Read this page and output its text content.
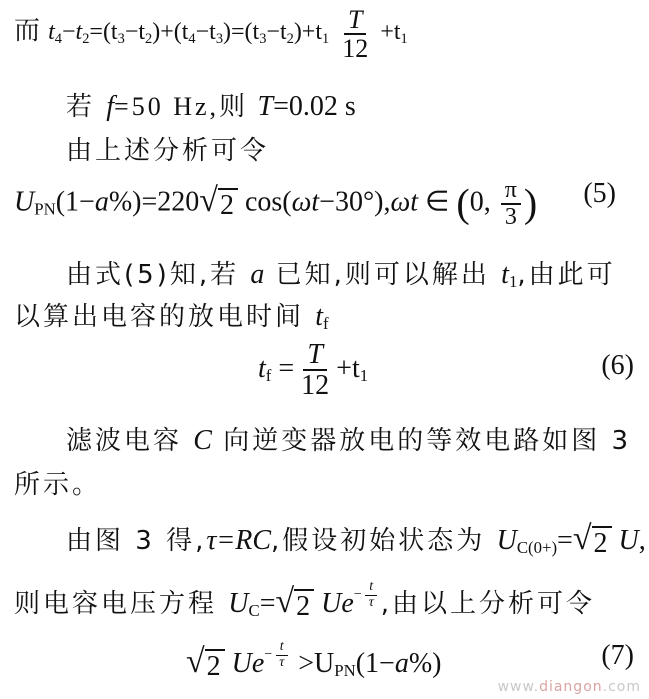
而 $t_4-t_2=(t_3-t_2)+(t_4-t_3)=(t_3-t_2)+t_1 \frac{T}{12} +t_1$
若 f=50 Hz,则 T=0.02 s
由上述分析可令
$U_{PN}(1-a\%)=220$ √ 2 cos(ωt−30°),ωt ∈ (0, $\frac{\pi}{3}$ ) (5)
由式(5)知,若 a 已知,则可以解出 $t_1$,由此可
以算出电容的放电时间 $t_f$
$t_f = \frac{T}{12} +t_1$	(6)
滤波电容 C 向逆变器放电的等效电路如图 3
所示。
由图 3 得,τ=RC,假设初始状态为 $U_{C(0+)}=$ √ 2 U,
则电容电压方程 $U_C=$ √ 2 Ue $^{- \frac{t}{\tau}}$ ,由以上分析可令
√ 2 Ue $^{- \frac{t}{\tau}} >U_{PN}(1-a\%)$	(7)
www.diangon.com
